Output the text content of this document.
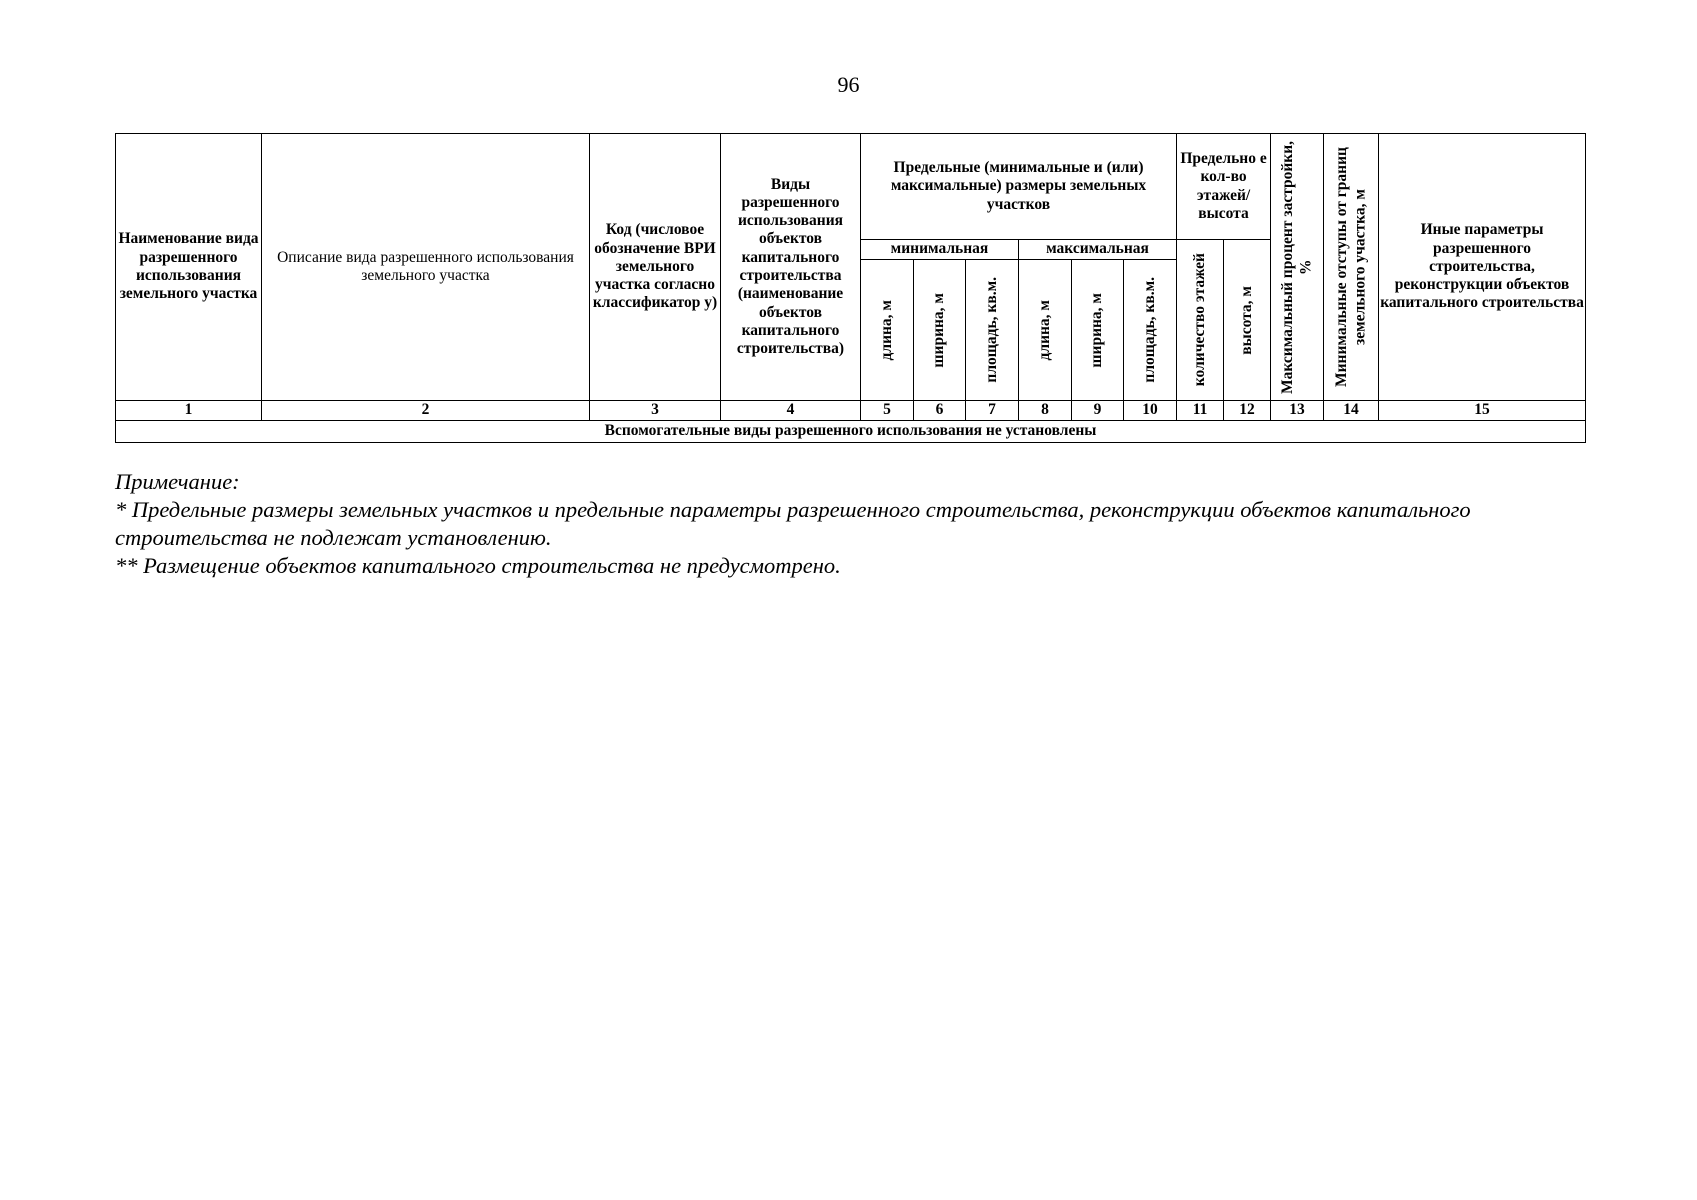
96
Наименование вида разрешенного использования земельного участка	Описание вида разрешенного использования земельного участка	Код (числовое обозначение ВРИ земельного участка согласно классификатор у)	Виды разрешенного использования объектов капитального строительства (наименование объектов капитального строительства)	Предельные (минимальные и (или) максимальные) размеры земельных участков						Предельно е кол-во этажей/ высота		Максимальный процент застройки, %	Минимальные отступы от границ земельного участка, м	Иные параметры разрешенного строительства, реконструкции объектов капитального строительства
				минимальная			максимальная			количество этажей	высота, м			

				длина, м	ширина, м	площадь, кв.м.	длина, м	ширина, м	площадь, кв.м.					

1	2	3	4	5	6	7	8	9	10	11	12	13	14	15
Вспомогательные виды разрешенного использования не установлены														
Примечание:
* Предельные размеры земельных участков и предельные параметры разрешенного строительства, реконструкции объектов капитального строительства не подлежат установлению.
** Размещение объектов капитального строительства не предусмотрено.
